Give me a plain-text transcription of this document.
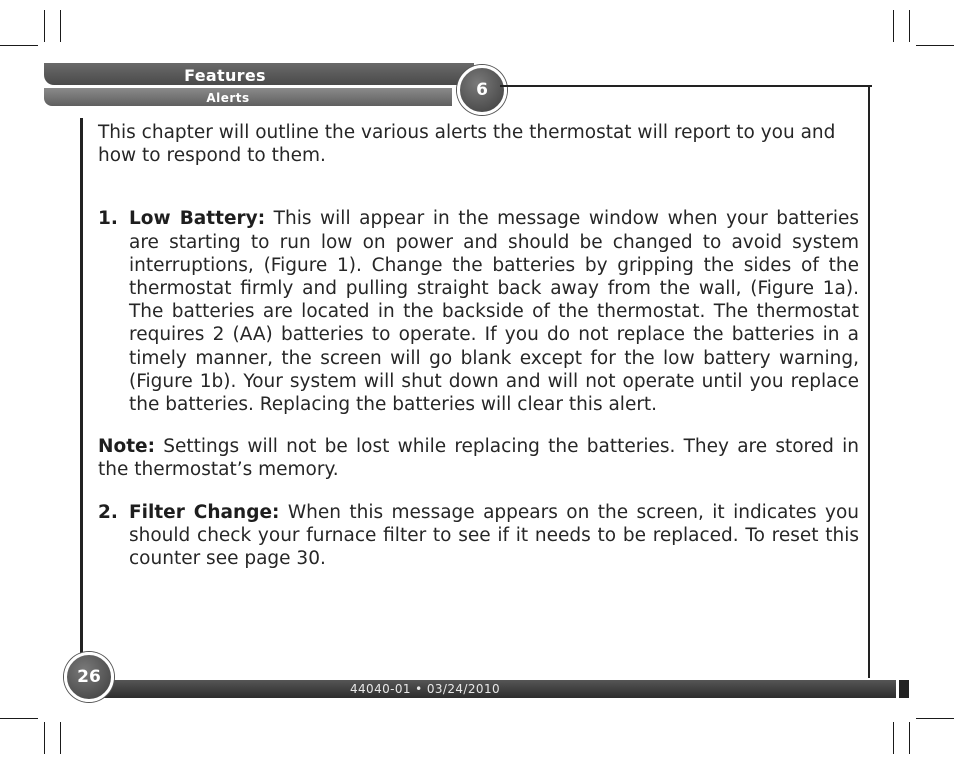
Features
Alerts	6

This chapter will outline the various alerts the thermostat will report to you and how to respond to them.

1. Low Battery: This will appear in the message window when your batteries are starting to run low on power and should be changed to avoid system interruptions, (Figure 1). Change the batteries by gripping the sides of the thermostat firmly and pulling straight back away from the wall, (Figure 1a). The batteries are located in the backside of the thermostat. The thermostat requires 2 (AA) batteries to operate. If you do not replace the batteries in a timely manner, the screen will go blank except for the low battery warning, (Figure 1b). Your system will shut down and will not operate until you replace the batteries. Replacing the batteries will clear this alert.

Note: Settings will not be lost while replacing the batteries. They are stored in the thermostat’s memory.

2. Filter Change: When this message appears on the screen, it indicates you should check your furnace filter to see if it needs to be replaced. To reset this counter see page 30.

44040-01 • 03/24/2010
26
